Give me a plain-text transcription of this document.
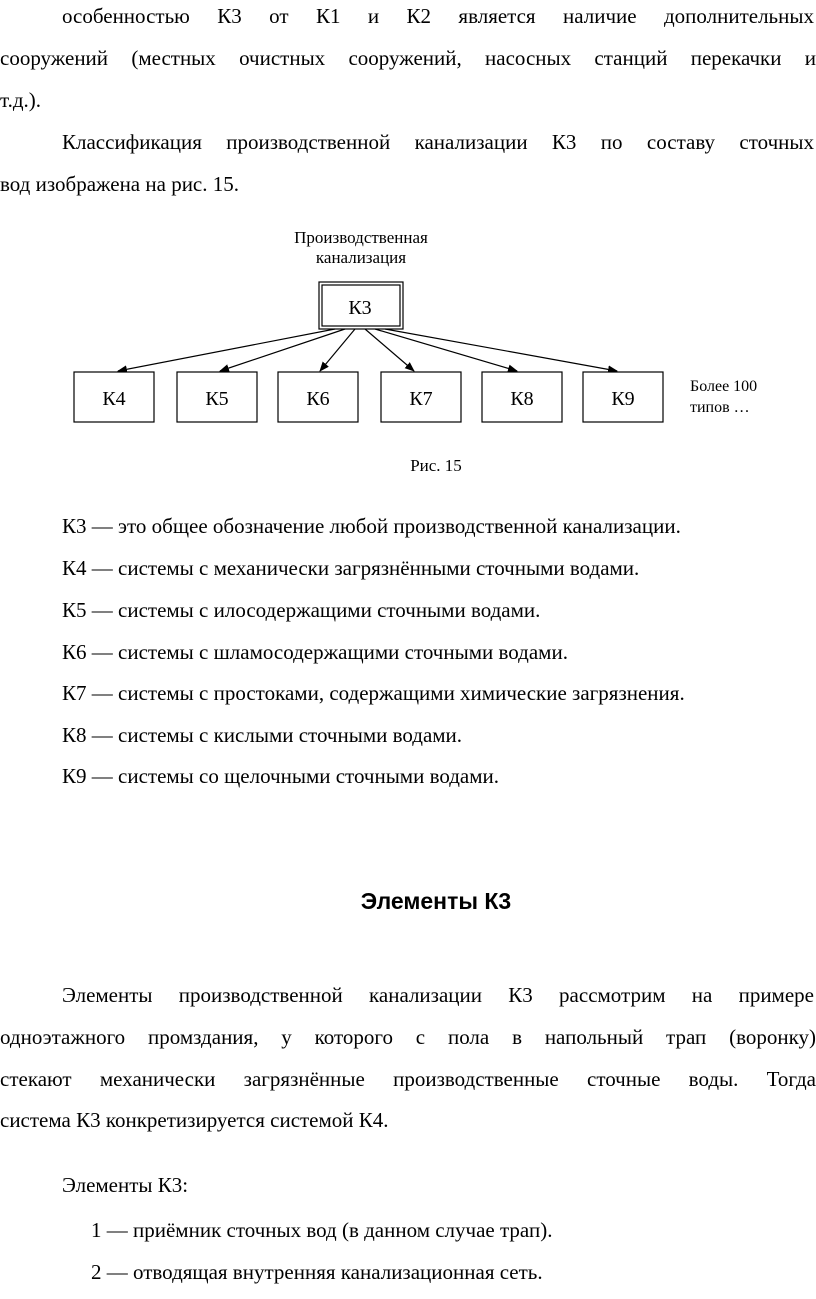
особенностью К3 от К1 и К2 является наличие дополнительных
сооружений (местных очистных сооружений, насосных станций перекачки и
т.д.).
Классификация производственной канализации К3 по составу сточных
вод изображена на рис. 15.
Производственная
канализация
К3
К4	К5	К6	К7	К8	К9
Более 100
типов …
Рис. 15
К3 — это общее обозначение любой производственной канализации.
К4 — системы с механически загрязнёнными сточными водами.
К5 — системы с илосодержащими сточными водами.
К6 — системы с шламосодержащими сточными водами.
К7 — системы с простоками, содержащими химические загрязнения.
К8 — системы с кислыми сточными водами.
К9 — системы со щелочными сточными водами.
Элементы К3
Элементы производственной канализации К3 рассмотрим на примере
одноэтажного промздания, у которого с пола в напольный трап (воронку)
стекают механически загрязнённые производственные сточные воды. Тогда
система К3 конкретизируется системой К4.
Элементы К3:
1 — приёмник сточных вод (в данном случае трап).
2 — отводящая внутренняя канализационная сеть.
